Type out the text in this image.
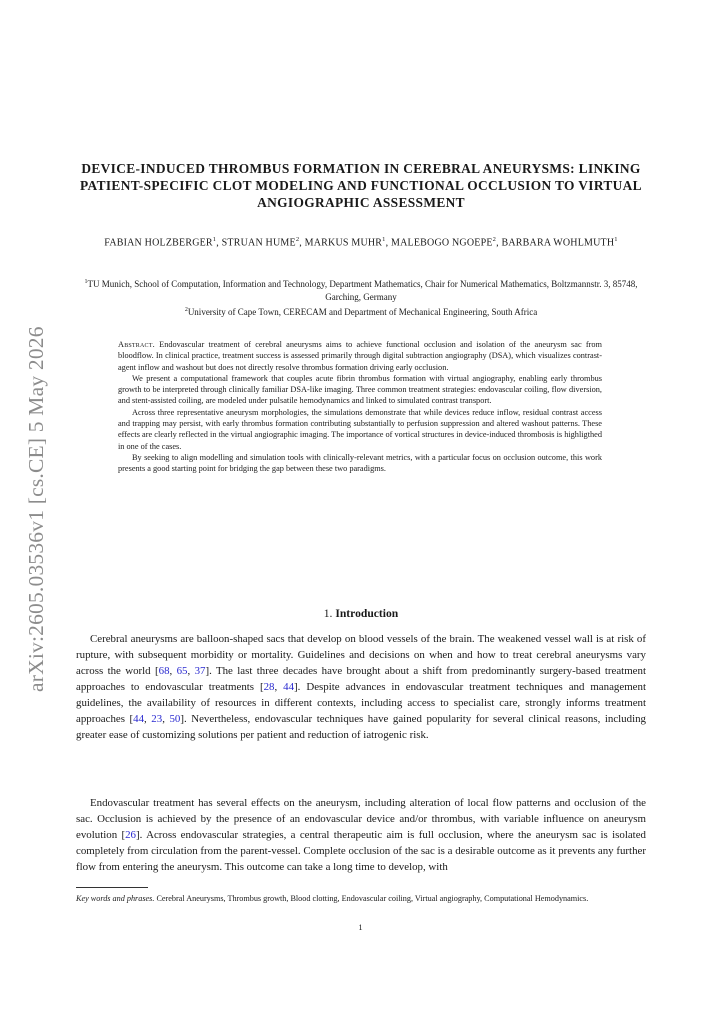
arXiv:2605.03536v1 [cs.CE] 5 May 2026
DEVICE-INDUCED THROMBUS FORMATION IN CEREBRAL ANEURYSMS: LINKING PATIENT-SPECIFIC CLOT MODELING AND FUNCTIONAL OCCLUSION TO VIRTUAL ANGIOGRAPHIC ASSESSMENT
FABIAN HOLZBERGER$^1$, STRUAN HUME$^2$, MARKUS MUHR$^1$, MALEBOGO NGOEPE$^2$, BARBARA WOHLMUTH$^1$
$^1$TU Munich, School of Computation, Information and Technology, Department Mathematics, Chair for Numerical Mathematics, Boltzmannstr. 3, 85748, Garching, Germany
$^2$University of Cape Town, CERECAM and Department of Mechanical Engineering, South Africa

Abstract. Endovascular treatment of cerebral aneurysms aims to achieve functional occlusion and isolation of the aneurysm sac from bloodflow. In clinical practice, treatment success is assessed primarily through digital subtraction angiography (DSA), which visualizes contrast-agent inflow and washout but does not directly resolve thrombus formation driving early occlusion.

We present a computational framework that couples acute fibrin thrombus formation with virtual angiography, enabling early thrombus growth to be interpreted through clinically familiar DSA-like imaging. Three common treatment strategies: endovascular coiling, flow diversion, and stent-assisted coiling, are modeled under pulsatile hemodynamics and linked to simulated contrast transport.

Across three representative aneurysm morphologies, the simulations demonstrate that while devices reduce inflow, residual contrast access and trapping may persist, with early thrombus formation contributing substantially to perfusion suppression and altered washout patterns. These effects are clearly reflected in the virtual angiographic imaging. The importance of vortical structures in device-induced thrombosis is highligthed in one of the cases.

By seeking to align modelling and simulation tools with clinically-relevant metrics, with a particular focus on occlusion outcome, this work presents a good starting point for bridging the gap between these two paradigms.

1. Introduction

Cerebral aneurysms are balloon-shaped sacs that develop on blood vessels of the brain. The weakened vessel wall is at risk of rupture, with subsequent morbidity or mortality. Guidelines and decisions on when and how to treat cerebral aneurysms vary across the world [68, 65, 37]. The last three decades have brought about a shift from predominantly surgery-based treatment approaches to endovascular treatments [28, 44]. Despite advances in endovascular treatment techniques and management guidelines, the availability of resources in different contexts, including access to specialist care, strongly informs treatment approaches [44, 23, 50]. Nevertheless, endovascular techniques have gained popularity for several clinical reasons, including greater ease of customizing solutions per patient and reduction of iatrogenic risk.

Endovascular treatment has several effects on the aneurysm, including alteration of local flow patterns and occlusion of the sac. Occlusion is achieved by the presence of an endovascular device and/or thrombus, with variable influence on aneurysm evolution [26]. Across endovascular strategies, a central therapeutic aim is full occlusion, where the aneurysm sac is isolated completely from circulation from the parent-vessel. Complete occlusion of the sac is a desirable outcome as it prevents any further flow from entering the aneurysm. This outcome can take a long time to develop, with

Key words and phrases. Cerebral Aneurysms, Thrombus growth, Blood clotting, Endovascular coiling, Virtual angiography, Computational Hemodynamics.
1
